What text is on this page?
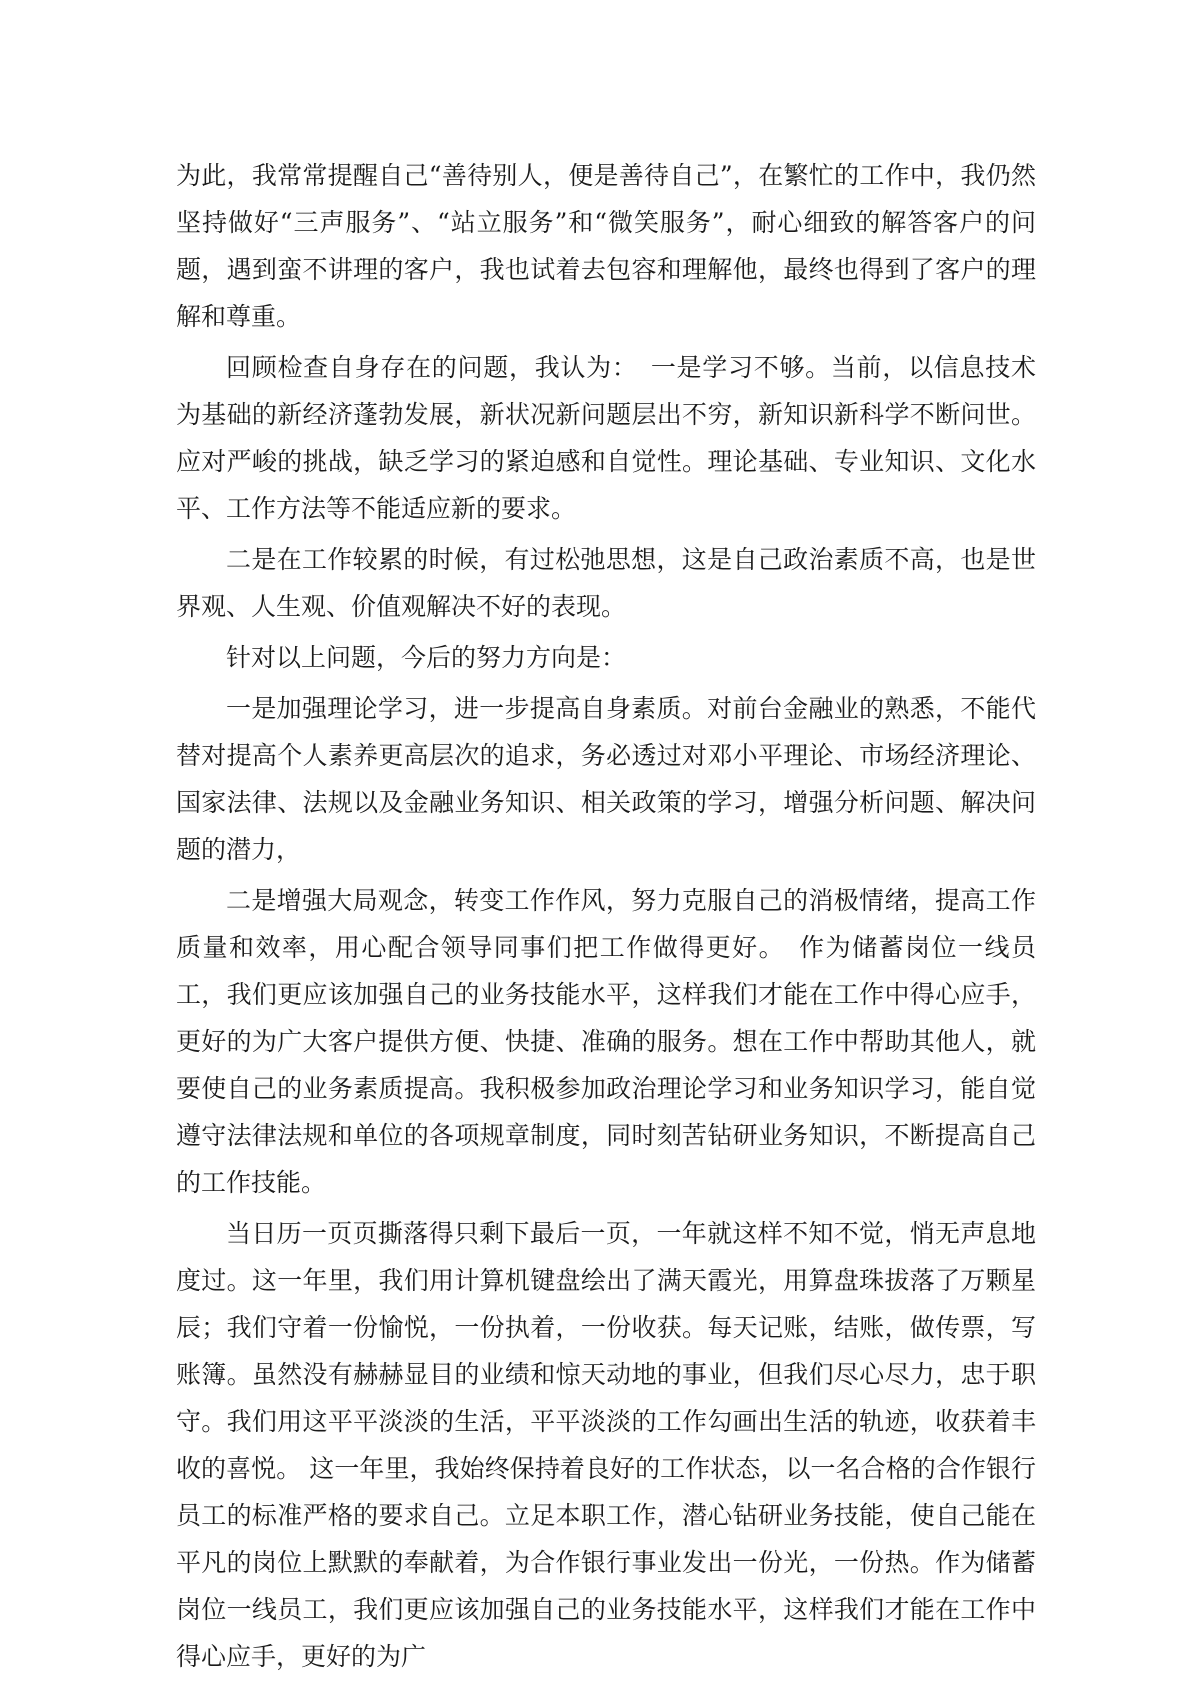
为此，我常常提醒自己“善待别人，便是善待自己”，在繁忙的工作中，我仍然坚持做好“三声服务”、“站立服务”和“微笑服务”，耐心细致的解答客户的问题，遇到蛮不讲理的客户，我也试着去包容和理解他，最终也得到了客户的理解和尊重。

回顾检查自身存在的问题，我认为：　一是学习不够。当前，以信息技术为基础的新经济蓬勃发展，新状况新问题层出不穷，新知识新科学不断问世。应对严峻的挑战，缺乏学习的紧迫感和自觉性。理论基础、专业知识、文化水平、工作方法等不能适应新的要求。

二是在工作较累的时候，有过松弛思想，这是自己政治素质不高，也是世界观、人生观、价值观解决不好的表现。

针对以上问题，今后的努力方向是：

一是加强理论学习，进一步提高自身素质。对前台金融业的熟悉，不能代替对提高个人素养更高层次的追求，务必透过对邓小平理论、市场经济理论、国家法律、法规以及金融业务知识、相关政策的学习，增强分析问题、解决问题的潜力，

二是增强大局观念，转变工作作风，努力克服自己的消极情绪，提高工作质量和效率，用心配合领导同事们把工作做得更好。　作为储蓄岗位一线员工，我们更应该加强自己的业务技能水平，这样我们才能在工作中得心应手，更好的为广大客户提供方便、快捷、准确的服务。想在工作中帮助其他人，就要使自己的业务素质提高。我积极参加政治理论学习和业务知识学习，能自觉遵守法律法规和单位的各项规章制度，同时刻苦钻研业务知识，不断提高自己的工作技能。

当日历一页页撕落得只剩下最后一页，一年就这样不知不觉，悄无声息地度过。这一年里，我们用计算机键盘绘出了满天霞光，用算盘珠拔落了万颗星辰；我们守着一份愉悦，一份执着，一份收获。每天记账，结账，做传票，写账簿。虽然没有赫赫显目的业绩和惊天动地的事业，但我们尽心尽力，忠于职守。我们用这平平淡淡的生活，平平淡淡的工作勾画出生活的轨迹，收获着丰收的喜悦。 这一年里，我始终保持着良好的工作状态，以一名合格的合作银行员工的标准严格的要求自己。立足本职工作，潜心钻研业务技能，使自己能在平凡的岗位上默默的奉献着，为合作银行事业发出一份光，一份热。作为储蓄岗位一线员工，我们更应该加强自己的业务技能水平，这样我们才能在工作中得心应手，更好的为广
